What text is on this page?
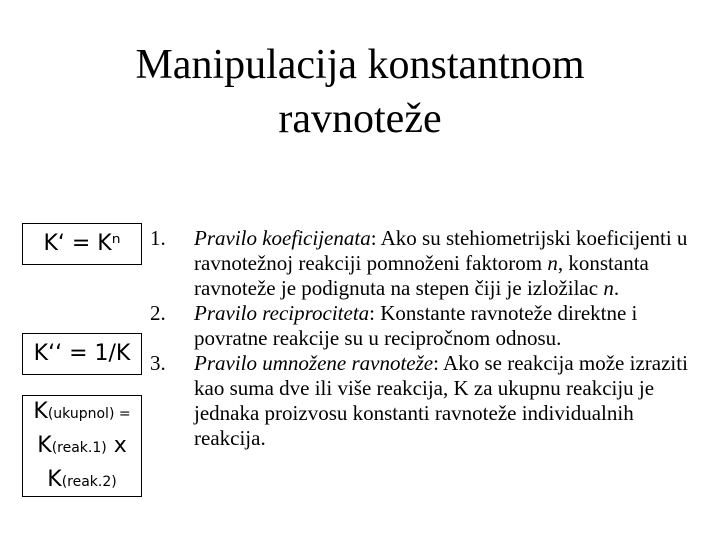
Manipulacija konstantnom
ravnoteže
K‘ = Kⁿ
K‘‘ = 1/K
K(ukupnol) =
K(reak.1) x
K(reak.2)

1.	Pravilo koeficijenata: Ako su stehiometrijski koeficijenti u ravnotežnoj reakciji pomnoženi faktorom n, konstanta ravnoteže je podignuta na stepen čiji je izložilac n.

2.	Pravilo reciprociteta: Konstante ravnoteže direktne i povratne reakcije su u recipročnom odnosu.

3.	Pravilo umnožene ravnoteže: Ako se reakcija može izraziti kao suma dve ili više reakcija, K za ukupnu reakciju je jednaka proizvosu konstanti ravnoteže individualnih reakcija.
